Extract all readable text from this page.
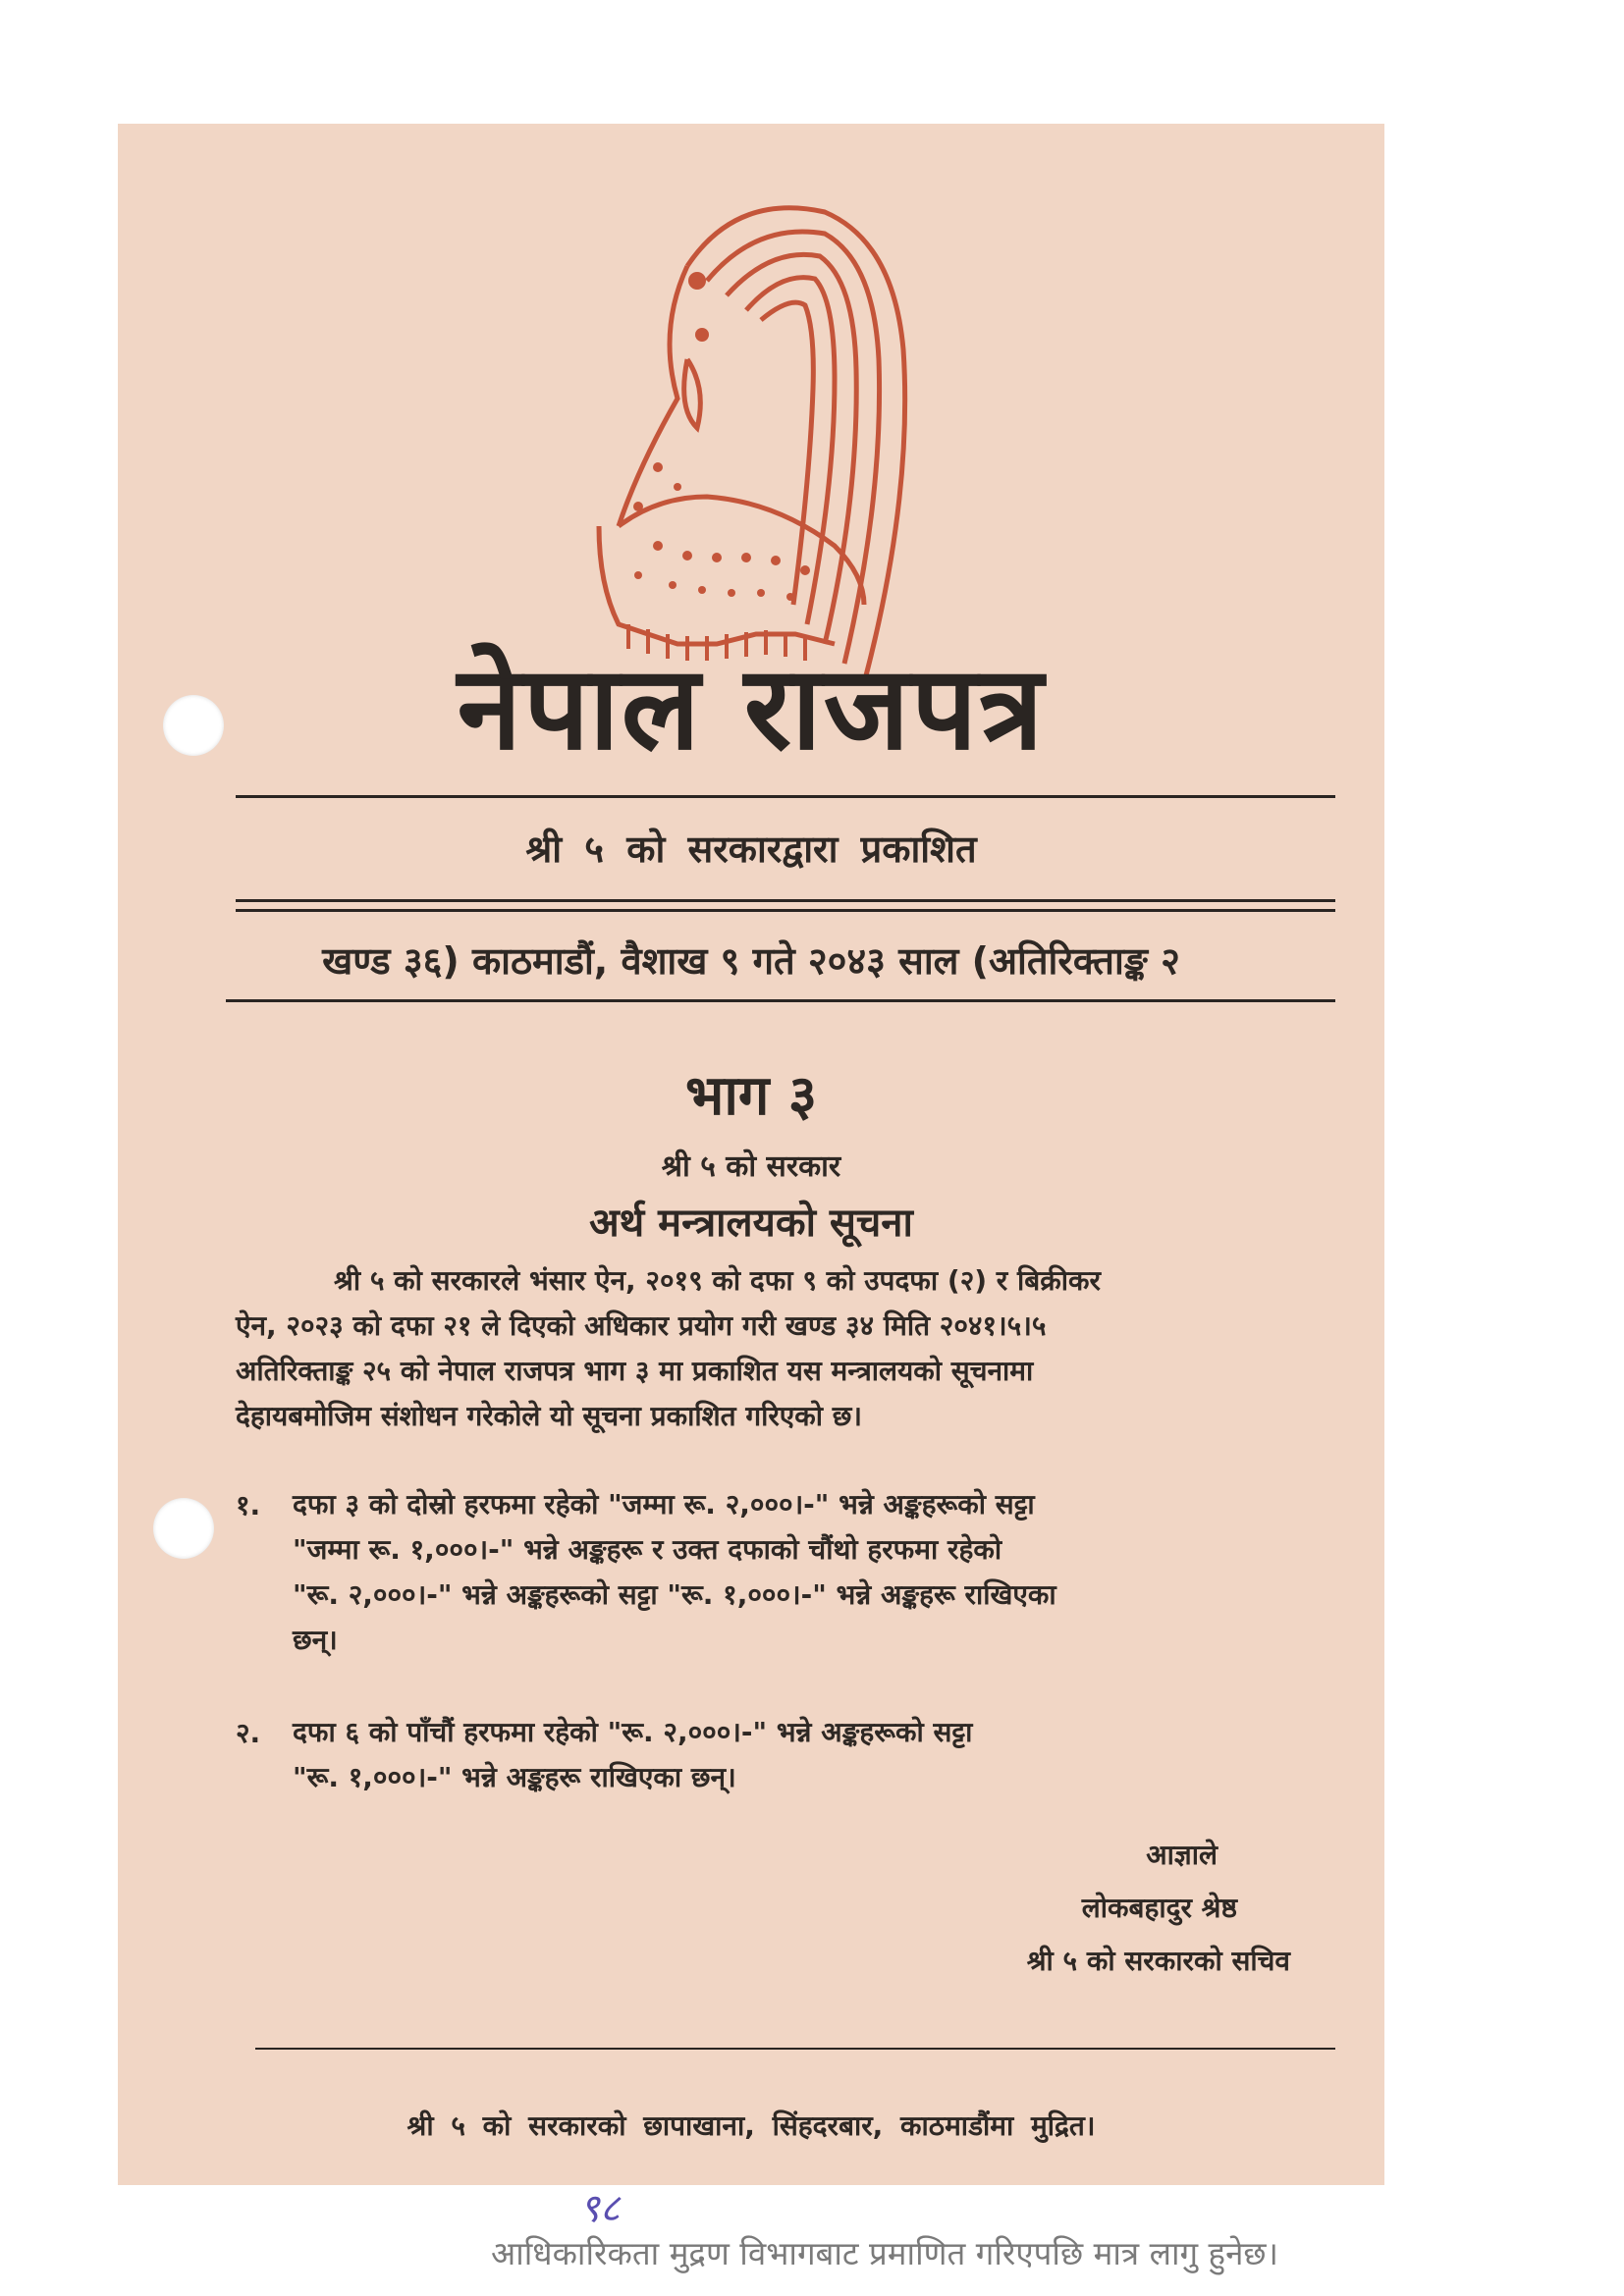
नेपाल राजपत्र
श्री ५ को सरकारद्वारा प्रकाशित
खण्ड ३६) काठमाडौं, वैशाख ९ गते २०४३ साल (अतिरिक्ताङ्क २
भाग ३
श्री ५ को सरकार
अर्थ मन्त्रालयको सूचना
श्री ५ को सरकारले भंसार ऐन, २०१९ को दफा ९ को उपदफा (२) र बिक्रीकर
ऐन, २०२३ को दफा २१ ले दिएको अधिकार प्रयोग गरी खण्ड ३४ मिति २०४१।५।५
अतिरिक्ताङ्क २५ को नेपाल राजपत्र भाग ३ मा प्रकाशित यस मन्त्रालयको सूचनामा
देहायबमोजिम संशोधन गरेकोले यो सूचना प्रकाशित गरिएको छ।
१. दफा ३ को दोस्रो हरफमा रहेको "जम्मा रू. २,०००।-" भन्ने अङ्कहरूको सट्टा
"जम्मा रू. १,०००।-" भन्ने अङ्कहरू र उक्त दफाको चौंथो हरफमा रहेको
"रू. २,०००।-" भन्ने अङ्कहरूको सट्टा "रू. १,०००।-" भन्ने अङ्कहरू राखिएका
छन्।
२. दफा ६ को पाँचौं हरफमा रहेको "रू. २,०००।-" भन्ने अङ्कहरूको सट्टा
"रू. १,०००।-" भन्ने अङ्कहरू राखिएका छन्।
आज्ञाले
लोकबहादुर श्रेष्ठ
श्री ५ को सरकारको सचिव
श्री ५ को सरकारको छापाखाना, सिंहदरबार, काठमाडौंमा मुद्रित।
आधिकारिकता मुद्रण विभागबाट प्रमाणित गरिएपछि मात्र लागु हुनेछ।
९८
